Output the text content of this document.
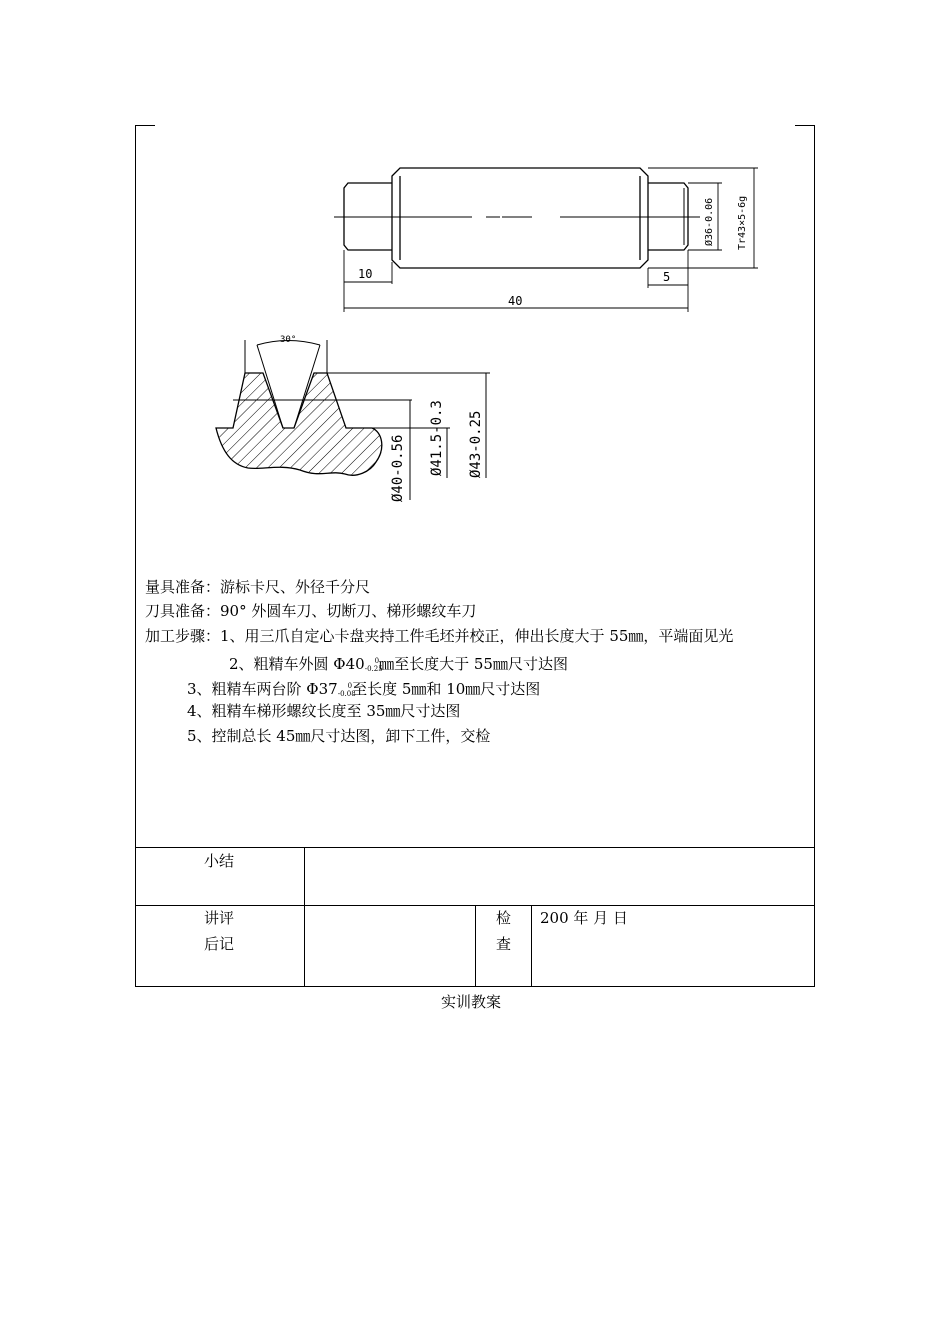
10
40
5
Ø36-0.06 Tr43×5-6g
30°
Ø40-0.56 Ø41.5-0.3 Ø43-0.25
量具准备：游标卡尺、外径千分尺
刀具准备：90° 外圆车刀、切断刀、梯形螺纹车刀
加工步骤：1、用三爪自定心卡盘夹持工件毛坯并校正，伸出长度大于 55㎜，平端面见光
2、粗精车外圆 $\Phi 40_{-0.25}^0㎜$至长度大于 55㎜尺寸达图
3、粗精车两台阶 $\Phi 37_{-0.08}^0$至长度 5㎜和 10㎜尺寸达图
4、粗精车梯形螺纹长度至 35㎜尺寸达图
5、控制总长 45㎜尺寸达图，卸下工件，交检
小结
讲评
后记
检
查
200 年 月 日
实训教案
